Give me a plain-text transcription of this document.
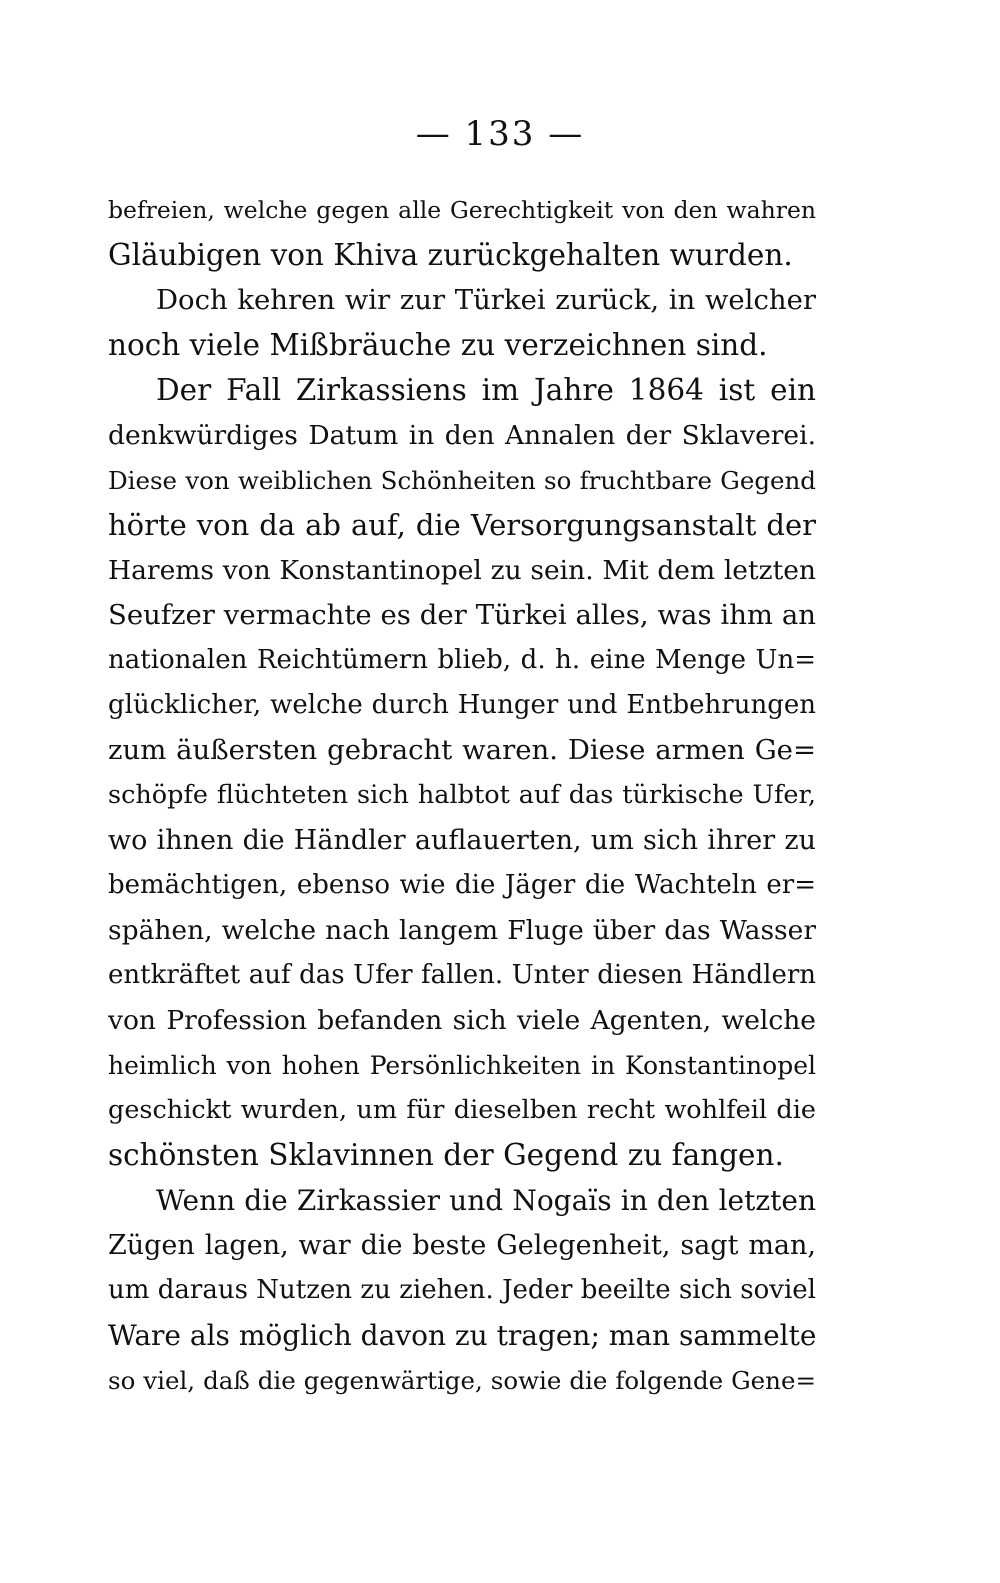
— 133 —
befreien, welche gegen alle Gerechtigkeit von den wahren
Gläubigen von Khiva zurückgehalten wurden.
Doch kehren wir zur Türkei zurück, in welcher
noch viele Mißbräuche zu verzeichnen sind.
Der Fall Zirkassiens im Jahre 1864 ist ein
denkwürdiges Datum in den Annalen der Sklaverei.
Diese von weiblichen Schönheiten so fruchtbare Gegend
hörte von da ab auf, die Versorgungsanstalt der
Harems von Konstantinopel zu sein. Mit dem letzten
Seufzer vermachte es der Türkei alles, was ihm an
nationalen Reichtümern blieb, d. h. eine Menge Un=
glücklicher, welche durch Hunger und Entbehrungen
zum äußersten gebracht waren. Diese armen Ge=
schöpfe flüchteten sich halbtot auf das türkische Ufer,
wo ihnen die Händler auflauerten, um sich ihrer zu
bemächtigen, ebenso wie die Jäger die Wachteln er=
spähen, welche nach langem Fluge über das Wasser
entkräftet auf das Ufer fallen. Unter diesen Händlern
von Profession befanden sich viele Agenten, welche
heimlich von hohen Persönlichkeiten in Konstantinopel
geschickt wurden, um für dieselben recht wohlfeil die
schönsten Sklavinnen der Gegend zu fangen.
Wenn die Zirkassier und Nogaïs in den letzten
Zügen lagen, war die beste Gelegenheit, sagt man,
um daraus Nutzen zu ziehen. Jeder beeilte sich soviel
Ware als möglich davon zu tragen; man sammelte
so viel, daß die gegenwärtige, sowie die folgende Gene=
